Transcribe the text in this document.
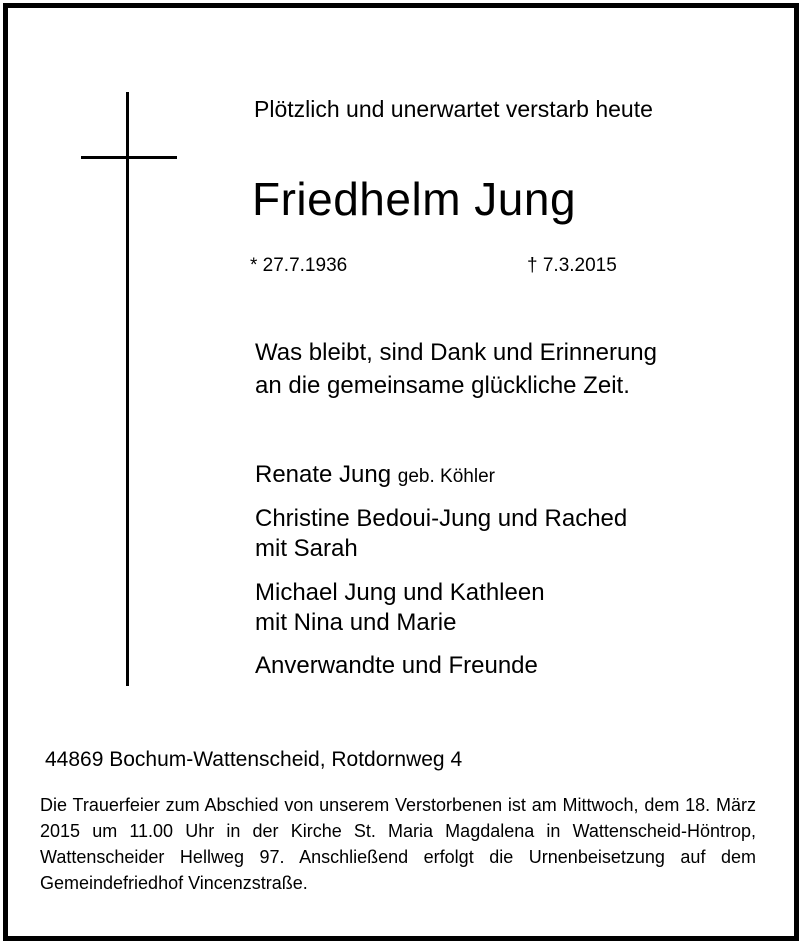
Plötzlich und unerwartet verstarb heute
Friedhelm Jung
* 27.7.1936	† 7.3.2015
Was bleibt, sind Dank und Erinnerung
an die gemeinsame glückliche Zeit.
Renate Jung geb. Köhler
Christine Bedoui-Jung und Rached
mit Sarah
Michael Jung und Kathleen
mit Nina und Marie
Anverwandte und Freunde
44869 Bochum-Wattenscheid, Rotdornweg 4
Die Trauerfeier zum Abschied von unserem Verstorbenen ist am Mittwoch, dem 18. März 2015 um 11.00 Uhr in der Kirche St. Maria Magdalena in Wattenscheid-Höntrop, Wattenscheider Hellweg 97. Anschließend erfolgt die Urnenbeisetzung auf dem Gemeindefriedhof Vincenzstraße.
